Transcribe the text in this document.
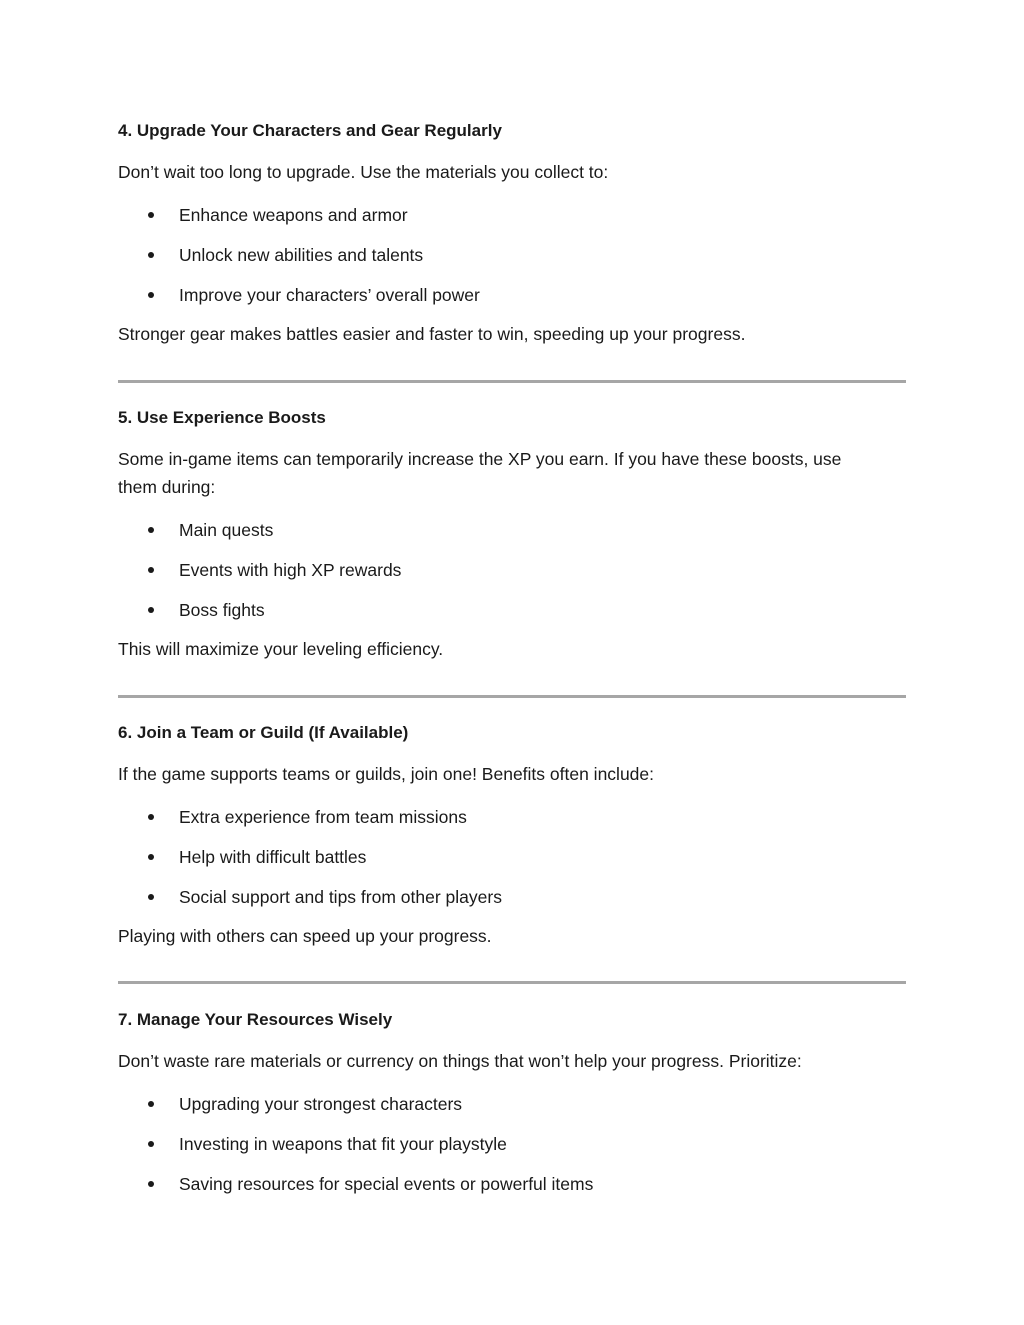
4. Upgrade Your Characters and Gear Regularly

Don’t wait too long to upgrade. Use the materials you collect to:

Enhance weapons and armor
Unlock new abilities and talents
Improve your characters’ overall power

Stronger gear makes battles easier and faster to win, speeding up your progress.

5. Use Experience Boosts

Some in-game items can temporarily increase the XP you earn. If you have these boosts, use them during:

Main quests
Events with high XP rewards
Boss fights

This will maximize your leveling efficiency.

6. Join a Team or Guild (If Available)

If the game supports teams or guilds, join one! Benefits often include:

Extra experience from team missions
Help with difficult battles
Social support and tips from other players

Playing with others can speed up your progress.

7. Manage Your Resources Wisely

Don’t waste rare materials or currency on things that won’t help your progress. Prioritize:

Upgrading your strongest characters
Investing in weapons that fit your playstyle
Saving resources for special events or powerful items
